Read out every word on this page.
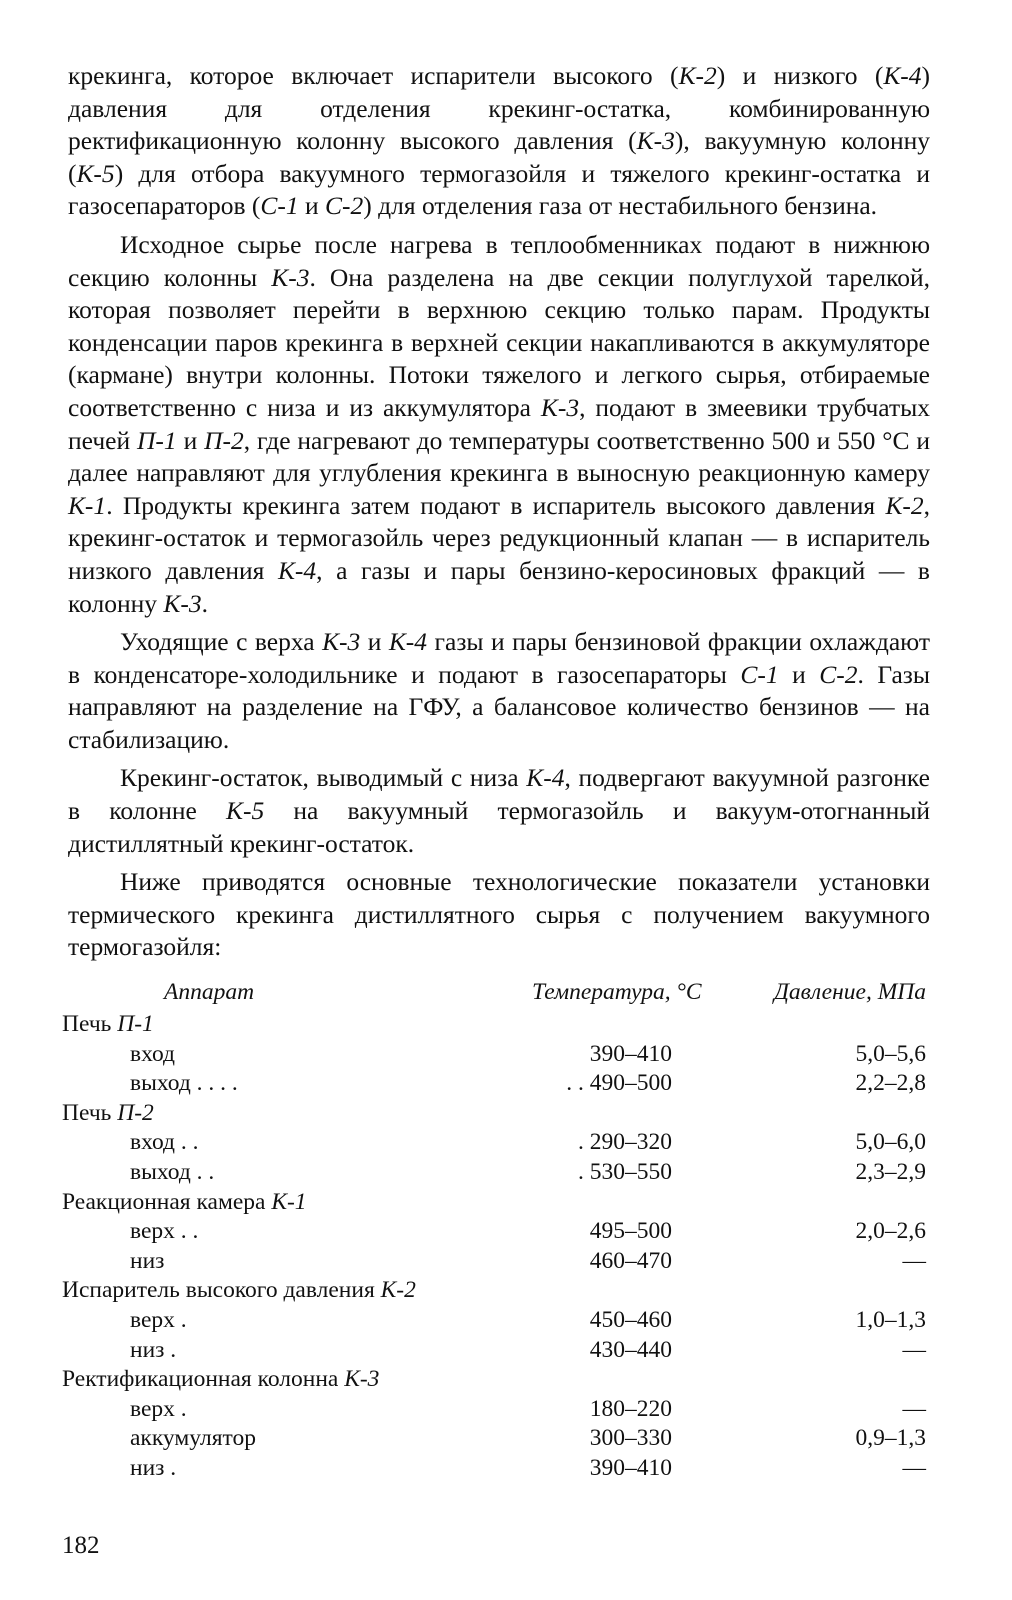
крекинга, которое включает испарители высокого (К-2) и низкого (К-4) давления для отделения крекинг-остатка, комбинированную ректификационную колонну высокого давления (К-3), вакуумную колонну (К-5) для отбора вакуумного термогазойля и тяжелого крекинг-остатка и газосепараторов (С-1 и С-2) для отделения газа от нестабильного бензина.

Исходное сырье после нагрева в теплообменниках подают в нижнюю секцию колонны К-3. Она разделена на две секции полуглухой тарелкой, которая позволяет перейти в верхнюю секцию только парам. Продукты конденсации паров крекинга в верхней секции накапливаются в аккумуляторе (кармане) внутри колонны. Потоки тяжелого и легкого сырья, отбираемые соответственно с низа и из аккумулятора К-3, подают в змеевики трубчатых печей П-1 и П-2, где нагревают до температуры соответственно 500 и 550 °С и далее направляют для углубления крекинга в выносную реакционную камеру К-1. Продукты крекинга затем подают в испаритель высокого давления К-2, крекинг-остаток и термогазойль через редукционный клапан — в испаритель низкого давления К-4, а газы и пары бензино-керосиновых фракций — в колонну К-3.

Уходящие с верха К-3 и К-4 газы и пары бензиновой фракции охлаждают в конденсаторе-холодильнике и подают в газосепараторы С-1 и С-2. Газы направляют на разделение на ГФУ, а балансовое количество бензинов — на стабилизацию.

Крекинг-остаток, выводимый с низа К-4, подвергают вакуумной разгонке в колонне К-5 на вакуумный термогазойль и вакуум-отогнанный дистиллятный крекинг-остаток.

Ниже приводятся основные технологические показатели установки термического крекинга дистиллятного сырья с получением вакуумного термогазойля:

Аппарат	Температура, °С	Давление, МПа
Печь П-1
вход	390–410	5,0–5,6
выход . . . .	. . 490–500	2,2–2,8
Печь П-2
вход . .	. 290–320	5,0–6,0
выход . .	. 530–550	2,3–2,9
Реакционная камера К-1
верх . .	495–500	2,0–2,6
низ	460–470	—
Испаритель высокого давления К-2
верх .	450–460	1,0–1,3
низ .	430–440	—
Ректификационная колонна К-3
верх .	180–220	—
аккумулятор	300–330	0,9–1,3
низ .	390–410	—
182
